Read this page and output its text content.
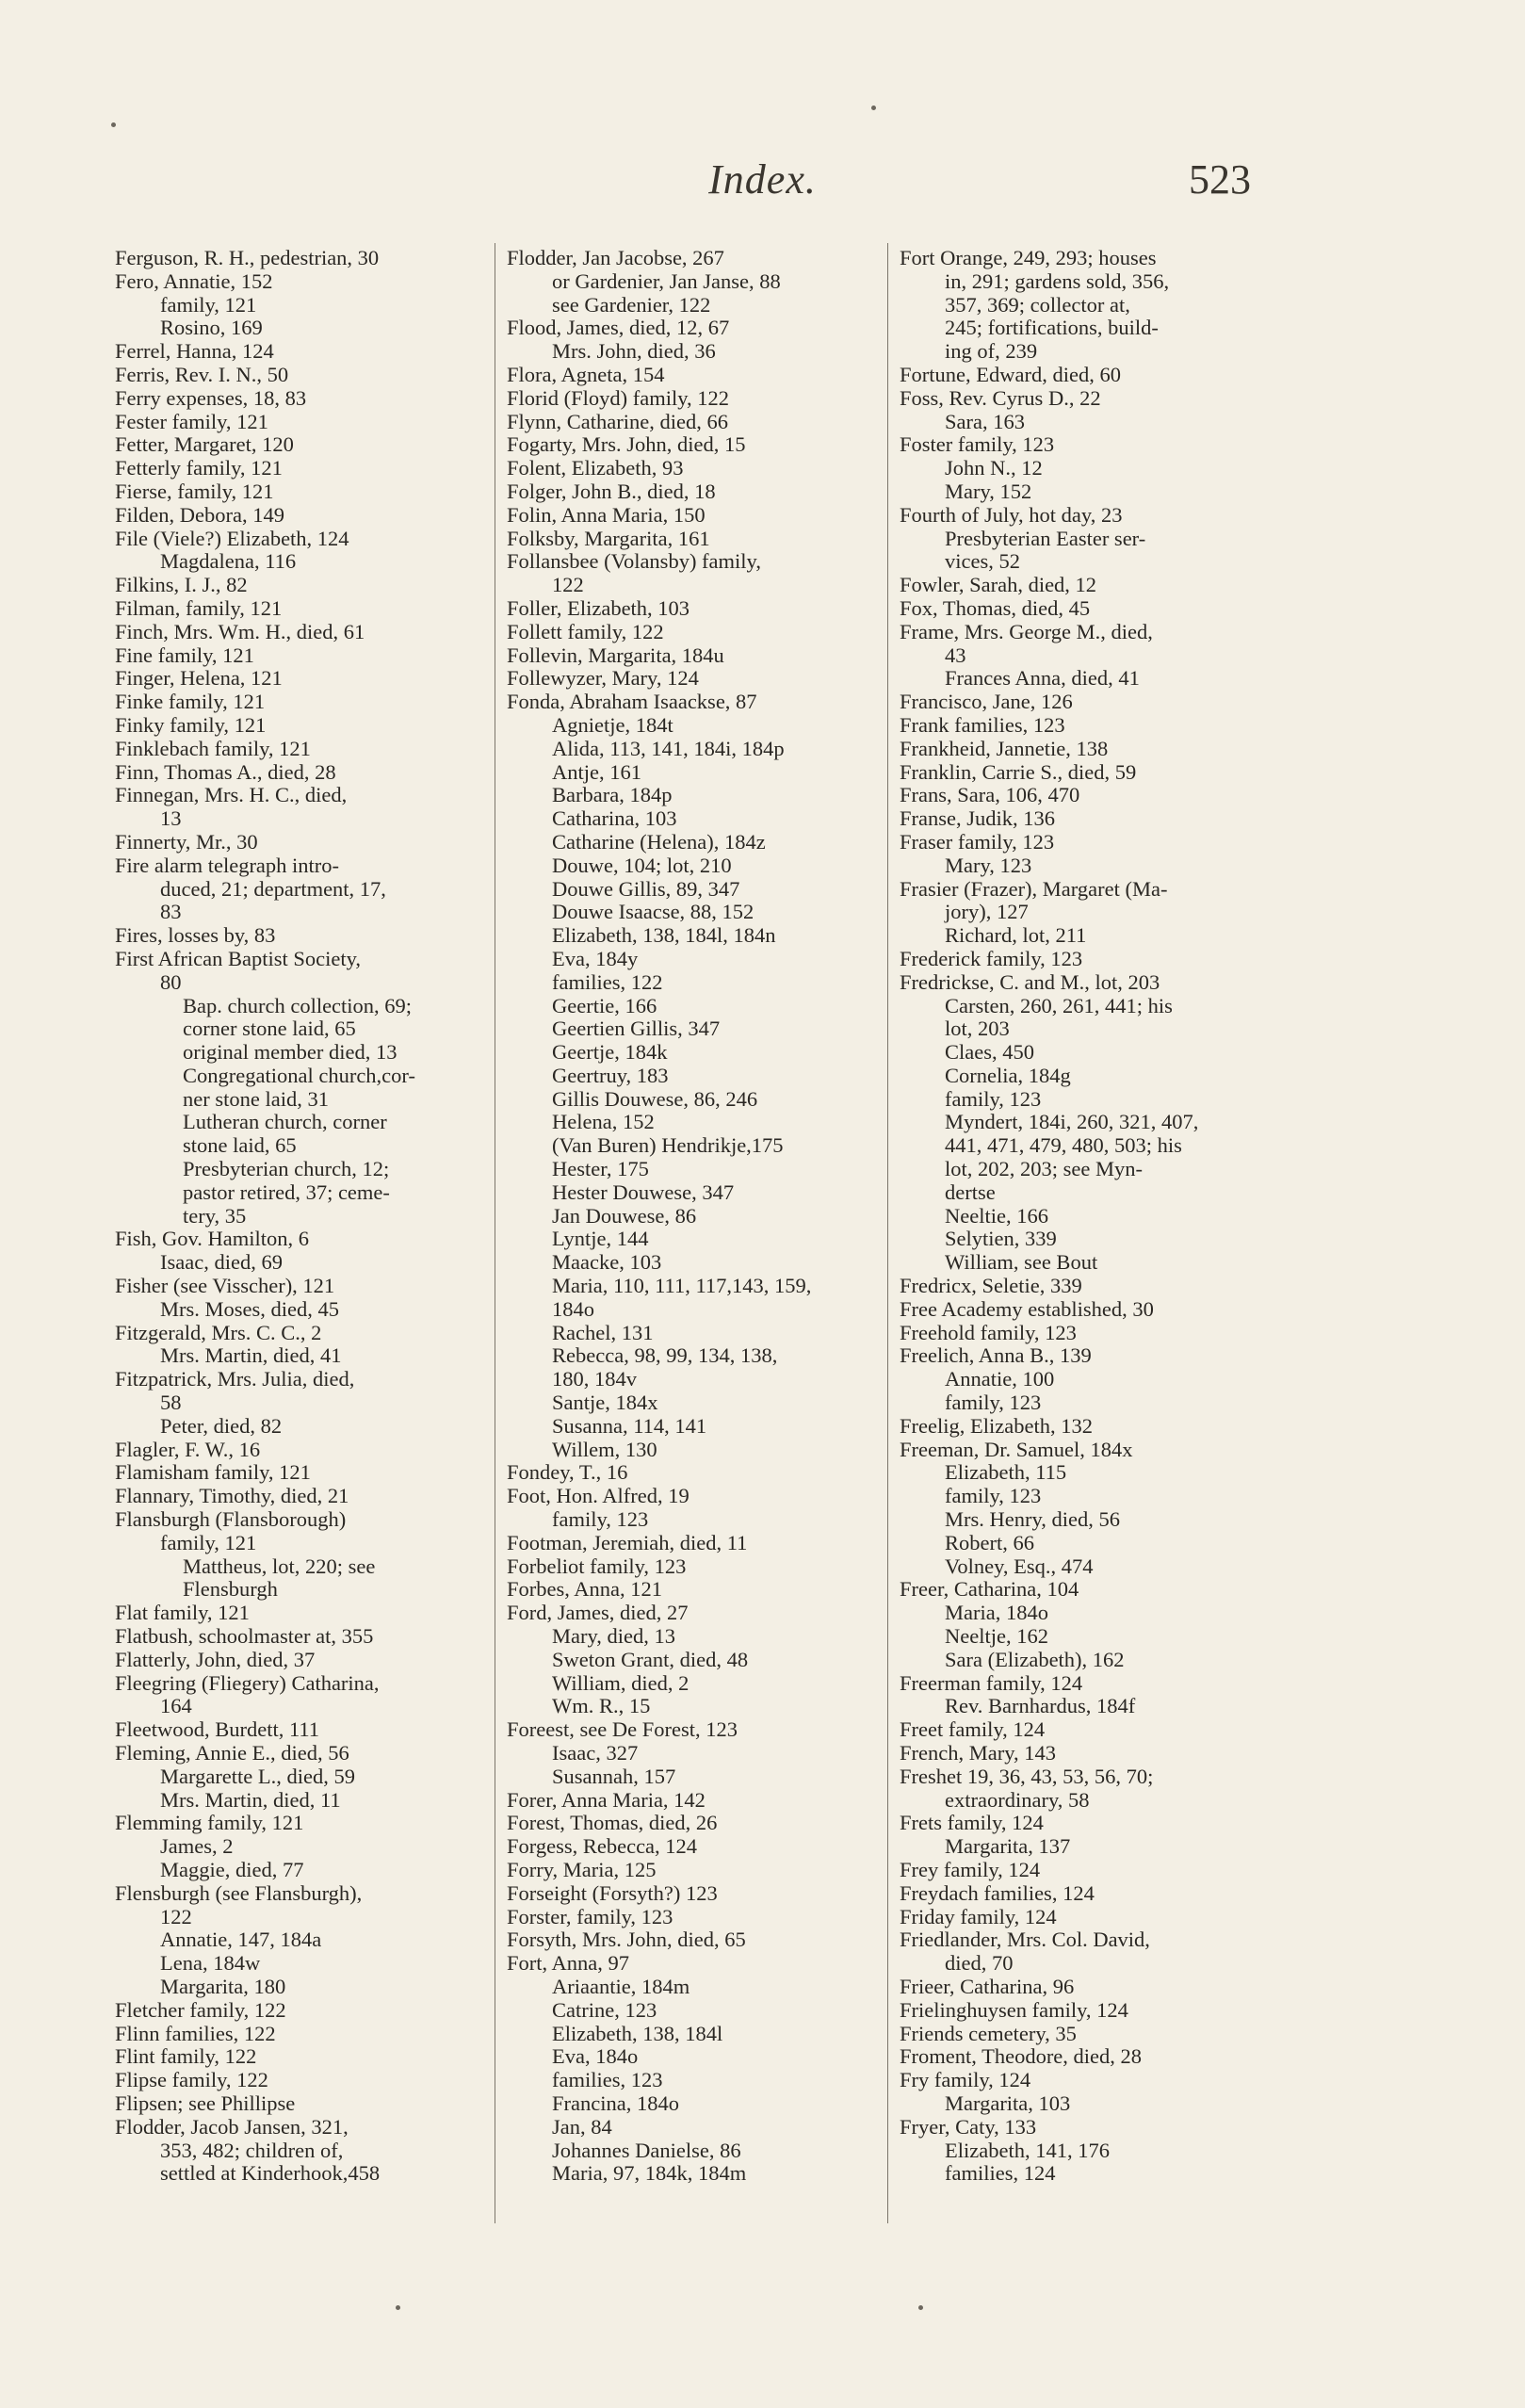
Index.	523
Ferguson, R. H., pedestrian, 30
Fero, Annatie, 152
family, 121
Rosino, 169
Ferrel, Hanna, 124
Ferris, Rev. I. N., 50
Ferry expenses, 18, 83
Fester family, 121
Fetter, Margaret, 120
Fetterly family, 121
Fierse, family, 121
Filden, Debora, 149
File (Viele?) Elizabeth, 124
Magdalena, 116
Filkins, I. J., 82
Filman, family, 121
Finch, Mrs. Wm. H., died, 61
Fine family, 121
Finger, Helena, 121
Finke family, 121
Finky family, 121
Finklebach family, 121
Finn, Thomas A., died, 28
Finnegan, Mrs. H. C., died,
13
Finnerty, Mr., 30
Fire alarm telegraph intro-
duced, 21; department, 17,
83
Fires, losses by, 83
First African Baptist Society,
80
Bap. church collection, 69;
corner stone laid, 65
original member died, 13
Congregational church,cor-
ner stone laid, 31
Lutheran church, corner
stone laid, 65
Presbyterian church, 12;
pastor retired, 37; ceme-
tery, 35
Fish, Gov. Hamilton, 6
Isaac, died, 69
Fisher (see Visscher), 121
Mrs. Moses, died, 45
Fitzgerald, Mrs. C. C., 2
Mrs. Martin, died, 41
Fitzpatrick, Mrs. Julia, died,
58
Peter, died, 82
Flagler, F. W., 16
Flamisham family, 121
Flannary, Timothy, died, 21
Flansburgh (Flansborough)
family, 121
Mattheus, lot, 220; see
Flensburgh
Flat family, 121
Flatbush, schoolmaster at, 355
Flatterly, John, died, 37
Fleegring (Fliegery) Catharina,
164
Fleetwood, Burdett, 111
Fleming, Annie E., died, 56
Margarette L., died, 59
Mrs. Martin, died, 11
Flemming family, 121
James, 2
Maggie, died, 77
Flensburgh (see Flansburgh),
122
Annatie, 147, 184a
Lena, 184w
Margarita, 180
Fletcher family, 122
Flinn families, 122
Flint family, 122
Flipse family, 122
Flipsen; see Phillipse
Flodder, Jacob Jansen, 321,
353, 482; children of,
settled at Kinderhook,458
Flodder, Jan Jacobse, 267
or Gardenier, Jan Janse, 88
see Gardenier, 122
Flood, James, died, 12, 67
Mrs. John, died, 36
Flora, Agneta, 154
Florid (Floyd) family, 122
Flynn, Catharine, died, 66
Fogarty, Mrs. John, died, 15
Folent, Elizabeth, 93
Folger, John B., died, 18
Folin, Anna Maria, 150
Folksby, Margarita, 161
Follansbee (Volansby) family,
122
Foller, Elizabeth, 103
Follett family, 122
Follevin, Margarita, 184u
Follewyzer, Mary, 124
Fonda, Abraham Isaackse, 87
Agnietje, 184t
Alida, 113, 141, 184i, 184p
Antje, 161
Barbara, 184p
Catharina, 103
Catharine (Helena), 184z
Douwe, 104; lot, 210
Douwe Gillis, 89, 347
Douwe Isaacse, 88, 152
Elizabeth, 138, 184l, 184n
Eva, 184y
families, 122
Geertie, 166
Geertien Gillis, 347
Geertje, 184k
Geertruy, 183
Gillis Douwese, 86, 246
Helena, 152
(Van Buren) Hendrikje,175
Hester, 175
Hester Douwese, 347
Jan Douwese, 86
Lyntje, 144
Maacke, 103
Maria, 110, 111, 117,143, 159,
184o
Rachel, 131
Rebecca, 98, 99, 134, 138,
180, 184v
Santje, 184x
Susanna, 114, 141
Willem, 130
Fondey, T., 16
Foot, Hon. Alfred, 19
family, 123
Footman, Jeremiah, died, 11
Forbeliot family, 123
Forbes, Anna, 121
Ford, James, died, 27
Mary, died, 13
Sweton Grant, died, 48
William, died, 2
Wm. R., 15
Foreest, see De Forest, 123
Isaac, 327
Susannah, 157
Forer, Anna Maria, 142
Forest, Thomas, died, 26
Forgess, Rebecca, 124
Forry, Maria, 125
Forseight (Forsyth?) 123
Forster, family, 123
Forsyth, Mrs. John, died, 65
Fort, Anna, 97
Ariaantie, 184m
Catrine, 123
Elizabeth, 138, 184l
Eva, 184o
families, 123
Francina, 184o
Jan, 84
Johannes Danielse, 86
Maria, 97, 184k, 184m
Fort Orange, 249, 293; houses
in, 291; gardens sold, 356,
357, 369; collector at,
245; fortifications, build-
ing of, 239
Fortune, Edward, died, 60
Foss, Rev. Cyrus D., 22
Sara, 163
Foster family, 123
John N., 12
Mary, 152
Fourth of July, hot day, 23
Presbyterian Easter ser-
vices, 52
Fowler, Sarah, died, 12
Fox, Thomas, died, 45
Frame, Mrs. George M., died,
43
Frances Anna, died, 41
Francisco, Jane, 126
Frank families, 123
Frankheid, Jannetie, 138
Franklin, Carrie S., died, 59
Frans, Sara, 106, 470
Franse, Judik, 136
Fraser family, 123
Mary, 123
Frasier (Frazer), Margaret (Ma-
jory), 127
Richard, lot, 211
Frederick family, 123
Fredrickse, C. and M., lot, 203
Carsten, 260, 261, 441; his
lot, 203
Claes, 450
Cornelia, 184g
family, 123
Myndert, 184i, 260, 321, 407,
441, 471, 479, 480, 503; his
lot, 202, 203; see Myn-
dertse
Neeltie, 166
Selytien, 339
William, see Bout
Fredricx, Seletie, 339
Free Academy established, 30
Freehold family, 123
Freelich, Anna B., 139
Annatie, 100
family, 123
Freelig, Elizabeth, 132
Freeman, Dr. Samuel, 184x
Elizabeth, 115
family, 123
Mrs. Henry, died, 56
Robert, 66
Volney, Esq., 474
Freer, Catharina, 104
Maria, 184o
Neeltje, 162
Sara (Elizabeth), 162
Freerman family, 124
Rev. Barnhardus, 184f
Freet family, 124
French, Mary, 143
Freshet 19, 36, 43, 53, 56, 70;
extraordinary, 58
Frets family, 124
Margarita, 137
Frey family, 124
Freydach families, 124
Friday family, 124
Friedlander, Mrs. Col. David,
died, 70
Frieer, Catharina, 96
Frielinghuysen family, 124
Friends cemetery, 35
Froment, Theodore, died, 28
Fry family, 124
Margarita, 103
Fryer, Caty, 133
Elizabeth, 141, 176
families, 124
